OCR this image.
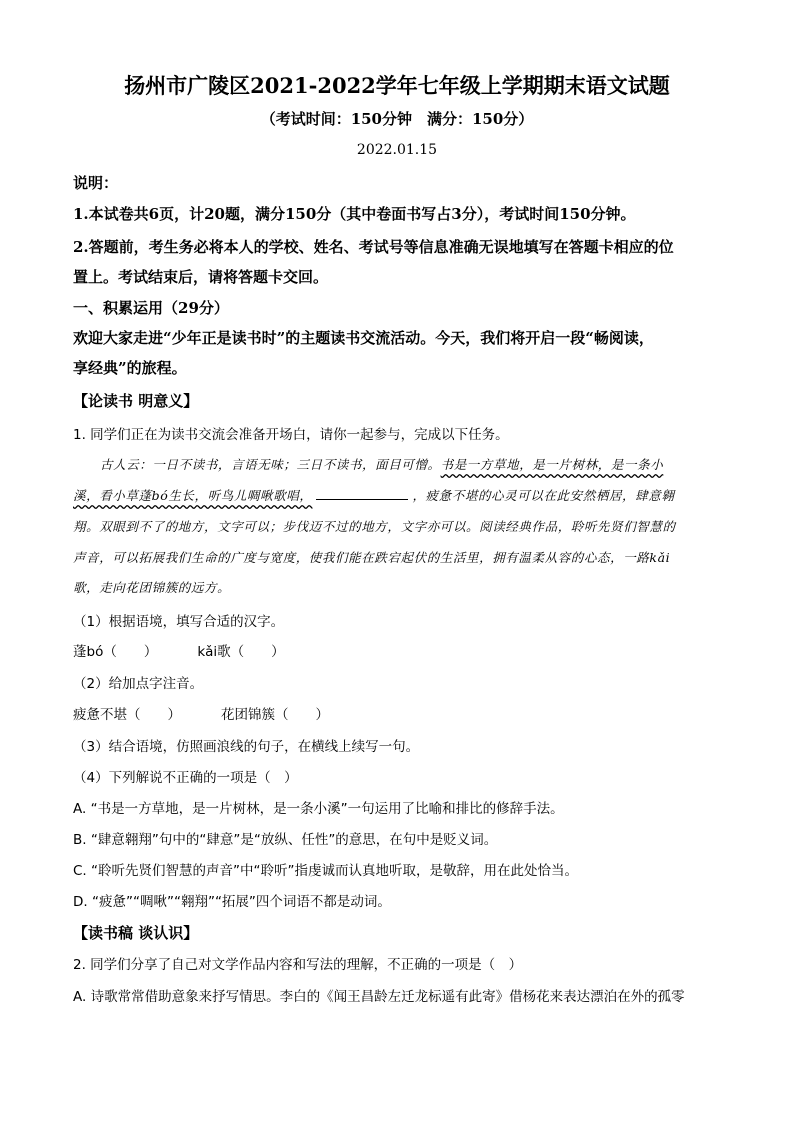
扬州市广陵区2021-2022学年七年级上学期期末语文试题
（考试时间：150分钟　满分：150分）
2022.01.15
说明：
1.本试卷共6页，计20题，满分150分（其中卷面书写占3分），考试时间150分钟。
2.答题前，考生务必将本人的学校、姓名、考试号等信息准确无误地填写在答题卡相应的位
置上。考试结束后，请将答题卡交回。
一、积累运用（29分）
欢迎大家走进“少年正是读书时”的主题读书交流活动。今天，我们将开启一段“畅阅读，
享经典”的旅程。
【论读书 明意义】
1. 同学们正在为读书交流会准备开场白，请你一起参与，完成以下任务。
古人云：一日不读书，言语无味；三日不读书，面目可憎。书是一方草地，是一片树林，是一条小
溪，看小草蓬bó生长，听鸟儿啁啾歌唱，	，疲惫不堪的心灵可以在此安然栖居，肆意翱
翔。双眼到不了的地方，文字可以；步伐迈不过的地方，文字亦可以。阅读经典作品，聆听先贤们智慧的
声音，可以拓展我们生命的广度与宽度，使我们能在跌宕起伏的生活里，拥有温柔从容的心态，一路kǎi
歌，走向花团锦簇的远方。
（1）根据语境，填写合适的汉字。
蓬bó（　　）	kǎi歌（　　）
（2）给加点字注音。
疲惫不堪（　　）	花团锦簇（　　）
（3）结合语境，仿照画浪线的句子，在横线上续写一句。
（4）下列解说不正确的一项是（　）
A. “书是一方草地，是一片树林，是一条小溪”一句运用了比喻和排比的修辞手法。
B. “肆意翱翔”句中的“肆意”是“放纵、任性”的意思，在句中是贬义词。
C. “聆听先贤们智慧的声音”中“聆听”指虔诚而认真地听取，是敬辞，用在此处恰当。
D. “疲惫”“啁啾”“翱翔”“拓展”四个词语不都是动词。
【读书稿 谈认识】
2. 同学们分享了自己对文学作品内容和写法的理解，不正确的一项是（　）
A. 诗歌常常借助意象来抒写情思。李白的《闻王昌龄左迁龙标遥有此寄》借杨花来表达漂泊在外的孤零
